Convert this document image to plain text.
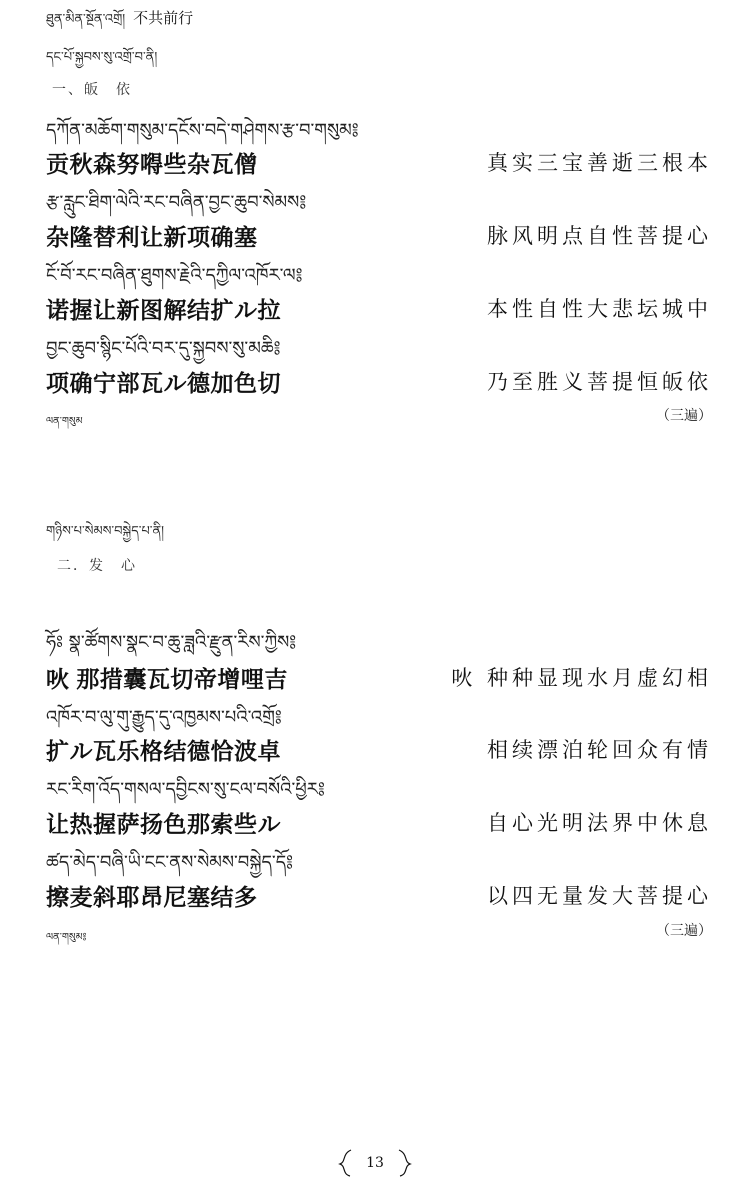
ཐུན་མིན་སྔོན་འགྲོ། 不共前行
དང་པོ་སྐྱབས་སུ་འགྲོ་བ་ནི།
一、皈　依
དཀོན་མཆོག་གསུམ་དངོས་བདེ་གཤེགས་རྩ་བ་གསུམ༔
贡秋森努嘚些杂瓦僧	真实三宝善逝三根本
རྩ་རླུང་ཐིག་ལེའི་རང་བཞིན་བྱང་ཆུབ་སེམས༔
杂隆替利让新项确塞	脉风明点自性菩提心
ངོ་བོ་རང་བཞིན་ཐུགས་རྗེའི་དཀྱིལ་འཁོར་ལ༔
诺握让新图解结扩ル拉	本性自性大悲坛城中
བྱང་ཆུབ་སྙིང་པོའི་བར་དུ་སྐྱབས་སུ་མཆི༔
项确宁部瓦ル德加色切	乃至胜义菩提恒皈依
ལན་གསུམ	（三遍）
གཉིས་པ་སེམས་བསྐྱེད་པ་ནི།
二．发　心
ཧོཿ སྣ་ཚོགས་སྣང་བ་ཆུ་ཟླའི་རྫུན་རིས་ཀྱིས༔
吙 那措囊瓦切帝增哩吉	吙 种种显现水月虚幻相
འཁོར་བ་ལུ་གུ་རྒྱུད་དུ་འཁྱམས་པའི་འགྲོ༔
扩ル瓦乐格结德恰波卓	相续漂泊轮回众有情
རང་རིག་འོད་གསལ་དབྱིངས་སུ་ངལ་བསོའི་ཕྱིར༔
让热握萨扬色那索些ル	自心光明法界中休息
ཚད་མེད་བཞི་ཡི་ངང་ནས་སེམས་བསྐྱེད་དོ༔
擦麦斜耶昂尼塞结多	以四无量发大菩提心
ལན་གསུམ༔	（三遍）
13
